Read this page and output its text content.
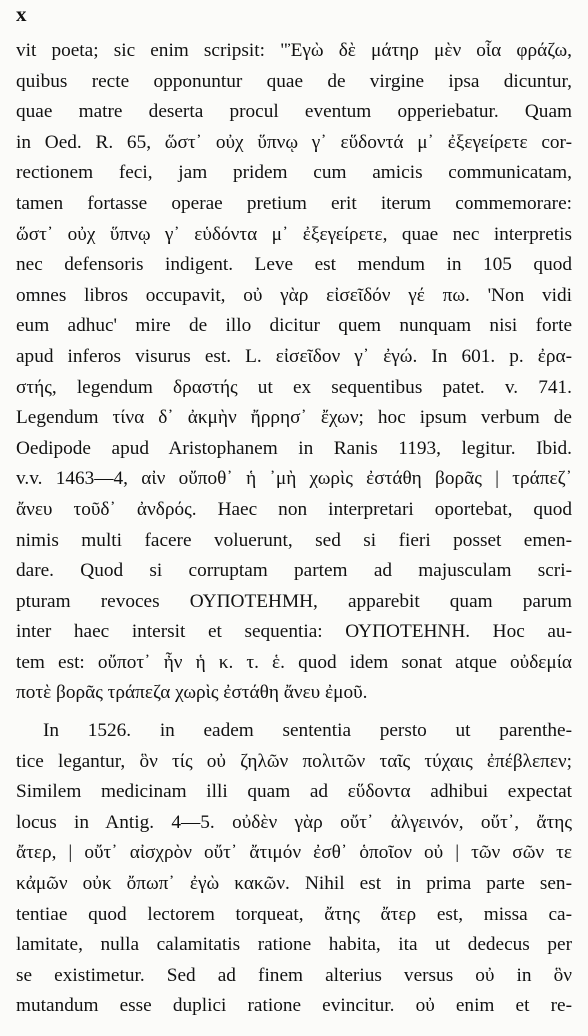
x
vit poeta; sic enim scripsit: "Ἐγὼ δὲ μάτηρ μὲν οἷα φράζω,
quibus recte opponuntur quae de virgine ipsa dicuntur,
quae matre deserta procul eventum opperiebatur. Quam
in Oed. R. 65, ὥστ᾽ οὐχ ὕπνῳ γ᾽ εὕδοντά μ᾽ ἐξεγείρετε cor-
rectionem feci, jam pridem cum amicis communicatam,
tamen fortasse operae pretium erit iterum commemorare:
ὥστ᾽ οὐχ ὕπνῳ γ᾽ εὑδόντα μ᾽ ἐξεγείρετε, quae nec interpretis
nec defensoris indigent. Leve est mendum in 105 quod
omnes libros occupavit, οὐ γὰρ εἰσεῖδόν γέ πω. 'Non vidi
eum adhuc' mire de illo dicitur quem nunquam nisi forte
apud inferos visurus est. L. εἰσεῖδον γ᾽ ἐγώ. In 601. p. ἐρα-
στής, legendum δραστής ut ex sequentibus patet. v. 741.
Legendum τίνα δ᾽ ἀκμὴν ἤρρησ᾽ ἔχων; hoc ipsum verbum de
Oedipode apud Aristophanem in Ranis 1193, legitur. Ibid.
v.v. 1463—4, αἰν οὔποθ᾽ ἡ ᾽μὴ χωρὶς ἐστάθη βορᾶς | τράπεζ᾽
ἄνευ τοῦδ᾽ ἀνδρός. Haec non interpretari oportebat, quod
nimis multi facere voluerunt, sed si fieri posset emen-
dare. Quod si corruptam partem ad majusculam scri-
pturam revoces ΟΥΠΟΤΕΗΜΗ, apparebit quam parum
inter haec intersit et sequentia: ΟΥΠΟΤΕΗΝΗ. Hoc au-
tem est: οὔποτ᾽ ἦν ἡ κ. τ. ἑ. quod idem sonat atque οὐδεμία
ποτὲ βορᾶς τράπεζα χωρὶς ἐστάθη ἄνευ ἐμοῦ.
In 1526. in eadem sententia persto ut parenthe-
tice legantur, ὃν τίς οὐ ζηλῶν πολιτῶν ταῖς τύχαις ἐπέβλεπεν;
Similem medicinam illi quam ad εὕδοντα adhibui expectat
locus in Antig. 4—5. οὐδὲν γὰρ οὔτ᾽ ἀλγεινόν, οὔτ᾽, ἄτης
ἄτερ, | οὔτ᾽ αἰσχρὸν οὔτ᾽ ἄτιμόν ἐσθ᾽ ὁποῖον οὐ | τῶν σῶν τε
κἀμῶν οὐκ ὄπωπ᾽ ἐγὼ κακῶν. Nihil est in prima parte sen-
tentiae quod lectorem torqueat, ἄτης ἄτερ est, missa ca-
lamitate, nulla calamitatis ratione habita, ita ut dedecus per
se existimetur. Sed ad finem alterius versus οὐ in ὃν
mutandum esse duplici ratione evincitur. οὐ enim et re-
